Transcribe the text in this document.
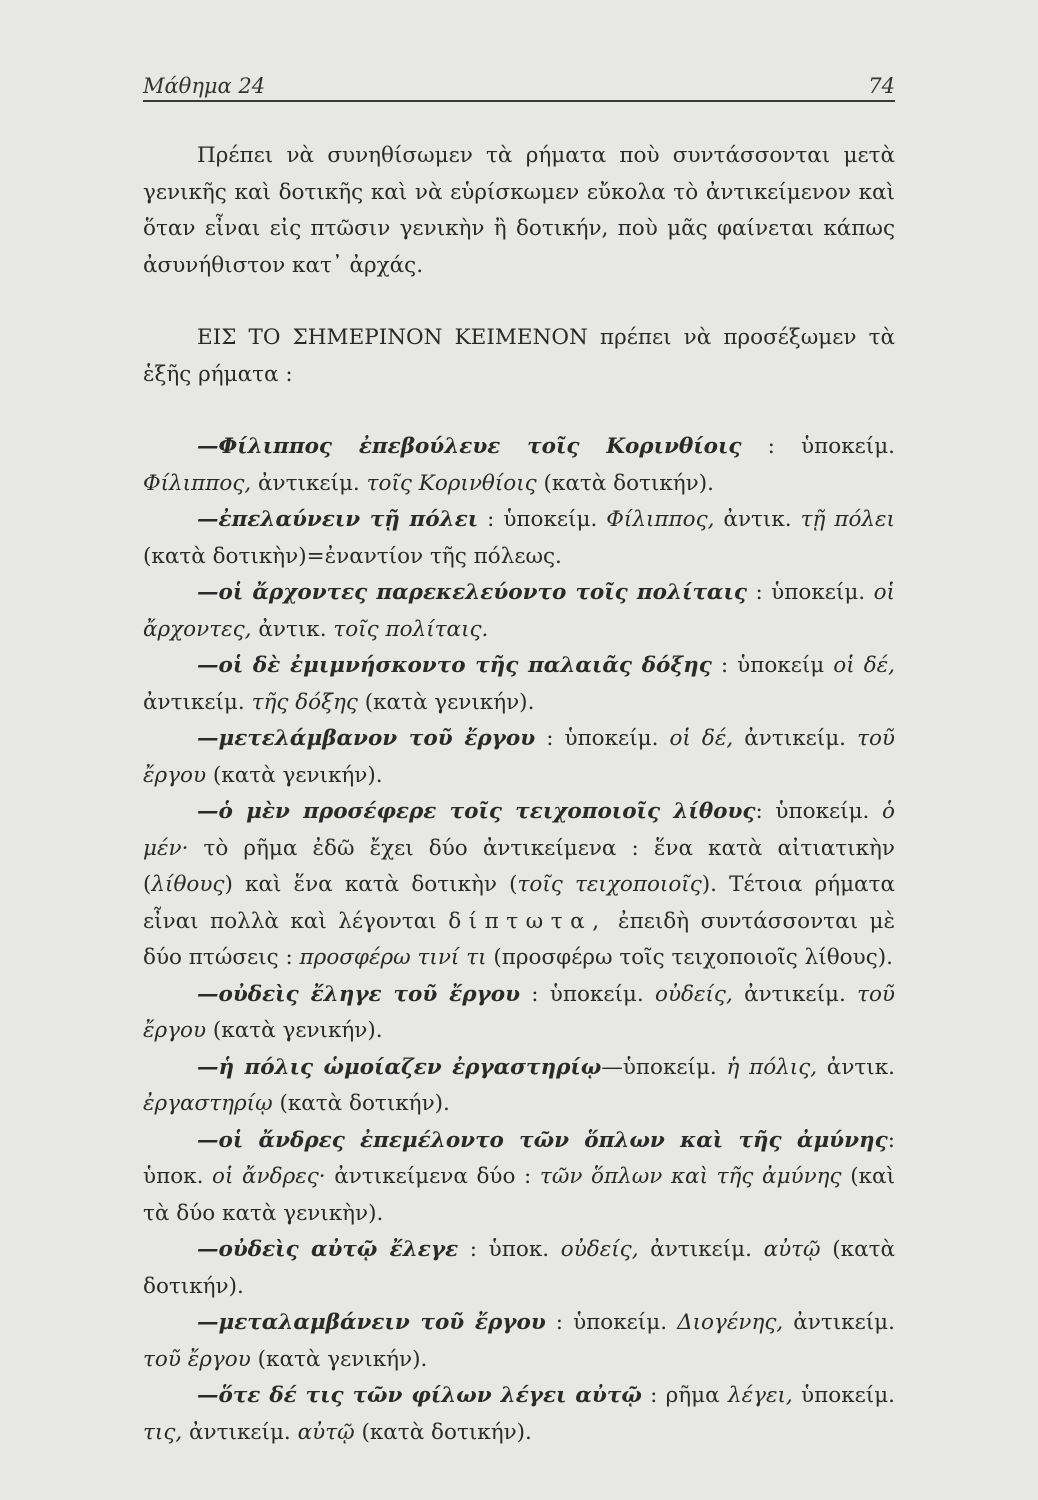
Μάθημα 24	74

Πρέπει νὰ συνηθίσωμεν τὰ ρήματα ποὺ συντάσσονται μετὰ γενικῆς καὶ δοτικῆς καὶ νὰ εὑρίσκωμεν εὔκολα τὸ ἀντικείμενον καὶ ὅταν εἶναι εἰς πτῶσιν γενικὴν ἢ δοτικήν, ποὺ μᾶς φαίνεται κάπως ἀσυνήθιστον κατ᾽ ἀρχάς.

ΕΙΣ ΤΟ ΣΗΜΕΡΙΝΟΝ ΚΕΙΜΕΝΟΝ πρέπει νὰ προσέξωμεν τὰ ἑξῆς ρήματα :

—Φίλιππος ἐπεβούλευε τοῖς Κορινθίοις : ὑποκείμ. Φίλιππος, ἀντικείμ. τοῖς Κορινθίοις (κατὰ δοτικήν).

—ἐπελαύνειν τῇ πόλει : ὑποκείμ. Φίλιππος, ἀντικ. τῇ πόλει (κατὰ δοτικὴν)=ἐναντίον τῆς πόλεως.

—οἱ ἄρχοντες παρεκελεύοντο τοῖς πολίταις : ὑποκείμ. οἱ ἄρχοντες, ἀντικ. τοῖς πολίταις.

—οἱ δὲ ἐμιμνήσκοντο τῆς παλαιᾶς δόξης : ὑποκείμ οἱ δέ, ἀντικείμ. τῆς δόξης (κατὰ γενικήν).

—μετελάμβανον τοῦ ἔργου : ὑποκείμ. οἱ δέ, ἀντικείμ. τοῦ ἔργου (κατὰ γενικήν).

—ὁ μὲν προσέφερε τοῖς τειχοποιοῖς λίθους: ὑποκείμ. ὁ μέν· τὸ ρῆμα ἐδῶ ἔχει δύο ἀντικείμενα : ἕνα κατὰ αἰτιατικὴν (λίθους) καὶ ἕνα κατὰ δοτικὴν (τοῖς τειχοποιοῖς). Τέτοια ρήματα εἶναι πολλὰ καὶ λέγονται δίπτωτα, ἐπειδὴ συντάσσονται μὲ δύο πτώσεις : προσφέρω τινί τι (προσφέρω τοῖς τειχοποιοῖς λίθους).

—οὐδεὶς ἔληγε τοῦ ἔργου : ὑποκείμ. οὐδείς, ἀντικείμ. τοῦ ἔργου (κατὰ γενικήν).

—ἡ πόλις ὡμοίαζεν ἐργαστηρίῳ—ὑποκείμ. ἡ πόλις, ἀντικ. ἐργαστηρίῳ (κατὰ δοτικήν).

—οἱ ἄνδρες ἐπεμέλοντο τῶν ὅπλων καὶ τῆς ἀμύνης: ὑποκ. οἱ ἄνδρες· ἀντικείμενα δύο : τῶν ὅπλων καὶ τῆς ἀμύνης (καὶ τὰ δύο κατὰ γενικὴν).

—οὐδεὶς αὐτῷ ἔλεγε : ὑποκ. οὐδείς, ἀντικείμ. αὐτῷ (κατὰ δοτικήν).

—μεταλαμβάνειν τοῦ ἔργου : ὑποκείμ. Διογένης, ἀντικείμ. τοῦ ἔργου (κατὰ γενικήν).

—ὅτε δέ τις τῶν φίλων λέγει αὐτῷ : ρῆμα λέγει, ὑποκείμ. τις, ἀντικείμ. αὐτῷ (κατὰ δοτικήν).
